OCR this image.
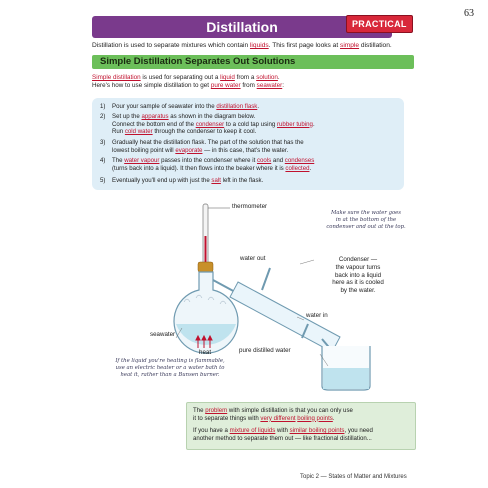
63
Distillation	PRACTICAL
Distillation is used to separate mixtures which contain liquids. This first page looks at simple distillation.
Simple Distillation Separates Out Solutions
Simple distillation is used for separating out a liquid from a solution.
Here's how to use simple distillation to get pure water from seawater:
1) Pour your sample of seawater into the distillation flask.
2) Set up the apparatus as shown in the diagram below.
Connect the bottom end of the condenser to a cold tap using rubber tubing.
Run cold water through the condenser to keep it cool.
3) Gradually heat the distillation flask. The part of the solution that has the
lowest boiling point will evaporate — in this case, that's the water.
4) The water vapour passes into the condenser where it cools and condenses
(turns back into a liquid). It then flows into the beaker where it is collected.
5) Eventually you'll end up with just the salt left in the flask.
thermometer
Make sure the water goes
in at the bottom of the
condenser and out at the top.
water out	Condenser —
the vapour turns
back into a liquid
here as it is cooled
by the water.
water in
seawater
heat	pure distilled water
If the liquid you're heating is flammable,
use an electric heater or a water bath to
heat it, rather than a Bunsen burner.
The problem with simple distillation is that you can only use
it to separate things with very different boiling points.
If you have a mixture of liquids with similar boiling points, you need
another method to separate them out — like fractional distillation...
Topic 2 — States of Matter and Mixtures
